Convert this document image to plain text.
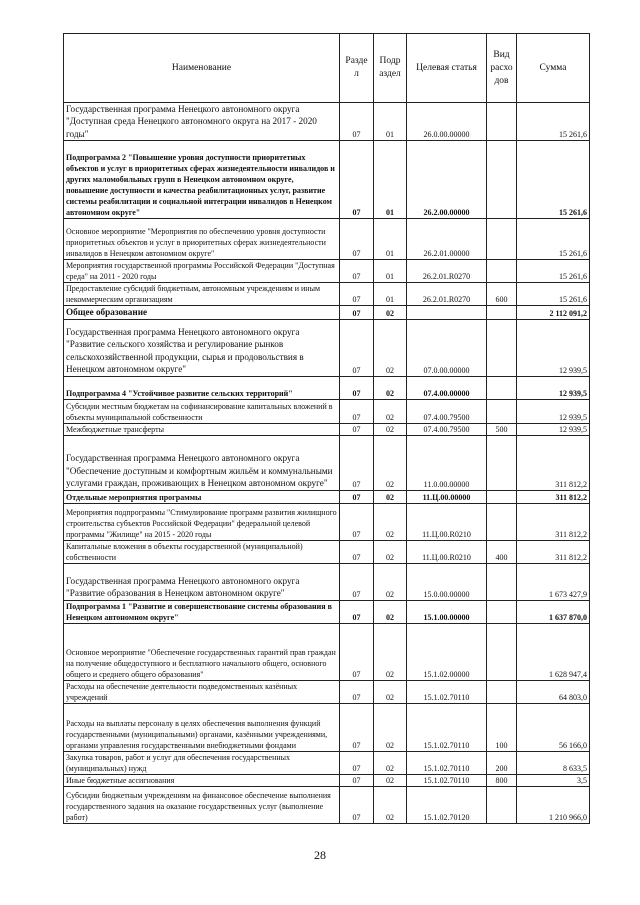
Наименование	Разде л	Подр аздел	Целевая статья	Вид расхо дов	Сумма
Государственная программа Ненецкого автономного округа "Доступная среда Ненецкого автономного округа на 2017 - 2020 годы"	07	01	26.0.00.00000		15 261,6
Подпрограмма 2 "Повышение уровня доступности приоритетных объектов и услуг в приоритетных сферах жизнедеятельности инвалидов и других маломобильных групп в Ненецком автономном округе, повышение доступности и качества реабилитационных услуг, развитие системы реабилитации и социальной интеграции инвалидов в Ненецком автономном округе"	07	01	26.2.00.00000		15 261,6
Основное мероприятие "Мероприятия по обеспечению уровня доступности приоритетных объектов и услуг в приоритетных сферах жизнедеятельности инвалидов в Ненецком автономном округе"	07	01	26.2.01.00000		15 261,6
Мероприятия государственной программы Российской Федерации "Доступная среда" на 2011 - 2020 годы	07	01	26.2.01.R0270		15 261,6
Предоставление субсидий бюджетным, автономным учреждениям и иным некоммерческим организациям	07	01	26.2.01.R0270	600	15 261,6
Общее образование	07	02			2 112 091,2
Государственная программа Ненецкого автономного округа "Развитие сельского хозяйства и регулирование рынков сельскохозяйственной продукции, сырья и продовольствия в Ненецком автономном округе"	07	02	07.0.00.00000		12 939,5
Подпрограмма 4 "Устойчивое развитие сельских территорий"	07	02	07.4.00.00000		12 939,5
Субсидии местным бюджетам на софинансирование капитальных вложений в объекты муниципальной собственности	07	02	07.4.00.79500		12 939,5
Межбюджетные трансферты	07	02	07.4.00.79500	500	12 939,5
Государственная программа Ненецкого автономного округа "Обеспечение доступным и комфортным жильём и коммунальными услугами граждан, проживающих в Ненецком автономном округе"	07	02	11.0.00.00000		311 812,2
Отдельные мероприятия программы	07	02	11.Ц.00.00000		311 812,2
Мероприятия подпрограммы "Стимулирование программ развития жилищного строительства субъектов Российской Федерации" федеральной целевой программы "Жилище" на 2015 - 2020 годы	07	02	11.Ц.00.R0210		311 812,2
Капитальные вложения в объекты государственной (муниципальной) собственности	07	02	11.Ц.00.R0210	400	311 812,2
Государственная программа Ненецкого автономного округа "Развитие образования в Ненецком автономном округе"	07	02	15.0.00.00000		1 673 427,9
Подпрограмма 1 "Развитие и совершенствование системы образования в Ненецком автономном округе"	07	02	15.1.00.00000		1 637 870,0
Основное мероприятие "Обеспечение государственных гарантий прав граждан на получение общедоступного и бесплатного начального общего, основного общего и среднего общего образования"	07	02	15.1.02.00000		1 628 947,4
Расходы на обеспечение деятельности подведомственных казённых учреждений	07	02	15.1.02.70110		64 803,0
Расходы на выплаты персоналу в целях обеспечения выполнения функций государственными (муниципальными) органами, казёнными учреждениями, органами управления государственными внебюджетными фондами	07	02	15.1.02.70110	100	56 166,0
Закупка товаров, работ и услуг для обеспечения государственных (муниципальных) нужд	07	02	15.1.02.70110	200	8 633,5
Иные бюджетные ассигнования	07	02	15.1.02.70110	800	3,5
Субсидии бюджетным учреждениям на финансовое обеспечение выполнения государственного задания на оказание государственных услуг (выполнение работ)	07	02	15.1.02.70120		1 210 966,0
28
